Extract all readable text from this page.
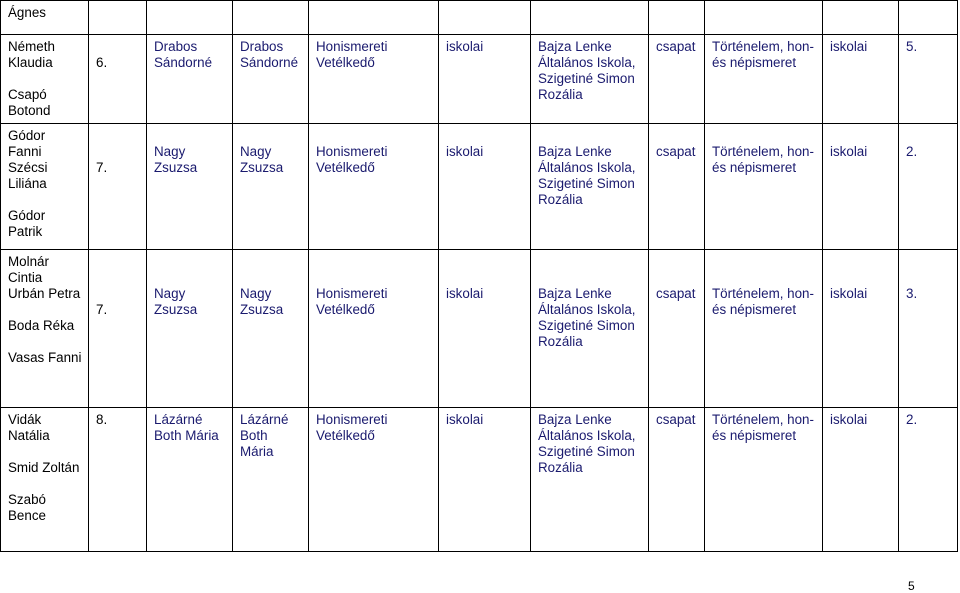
Ágnes										

Németh Klaudia
Csapó Botond	6.	Drabos Sándorné	Drabos Sándorné	Honismereti Vetélkedő	iskolai	Bajza Lenke Általános Iskola, Szigetiné Simon Rozália	csapat	Történelem, hon-és népismeret	iskolai	5.

Gódor Fanni Szécsi Liliána
Gódor Patrik	7.	Nagy Zsuzsa	Nagy Zsuzsa	Honismereti Vetélkedő	iskolai	Bajza Lenke Általános Iskola, Szigetiné Simon Rozália	csapat	Történelem, hon-és népismeret	iskolai	2.

Molnár Cintia Urbán Petra
Boda Réka
Vasas Fanni	7.	Nagy Zsuzsa	Nagy Zsuzsa	Honismereti Vetélkedő	iskolai	Bajza Lenke Általános Iskola, Szigetiné Simon Rozália	csapat	Történelem, hon-és népismeret	iskolai	3.

Vidák Natália
Smid Zoltán
Szabó Bence	8.	Lázárné Both Mária	Lázárné Both Mária	Honismereti Vetélkedő	iskolai	Bajza Lenke Általános Iskola, Szigetiné Simon Rozália	csapat	Történelem, hon-és népismeret	iskolai	2.
5
